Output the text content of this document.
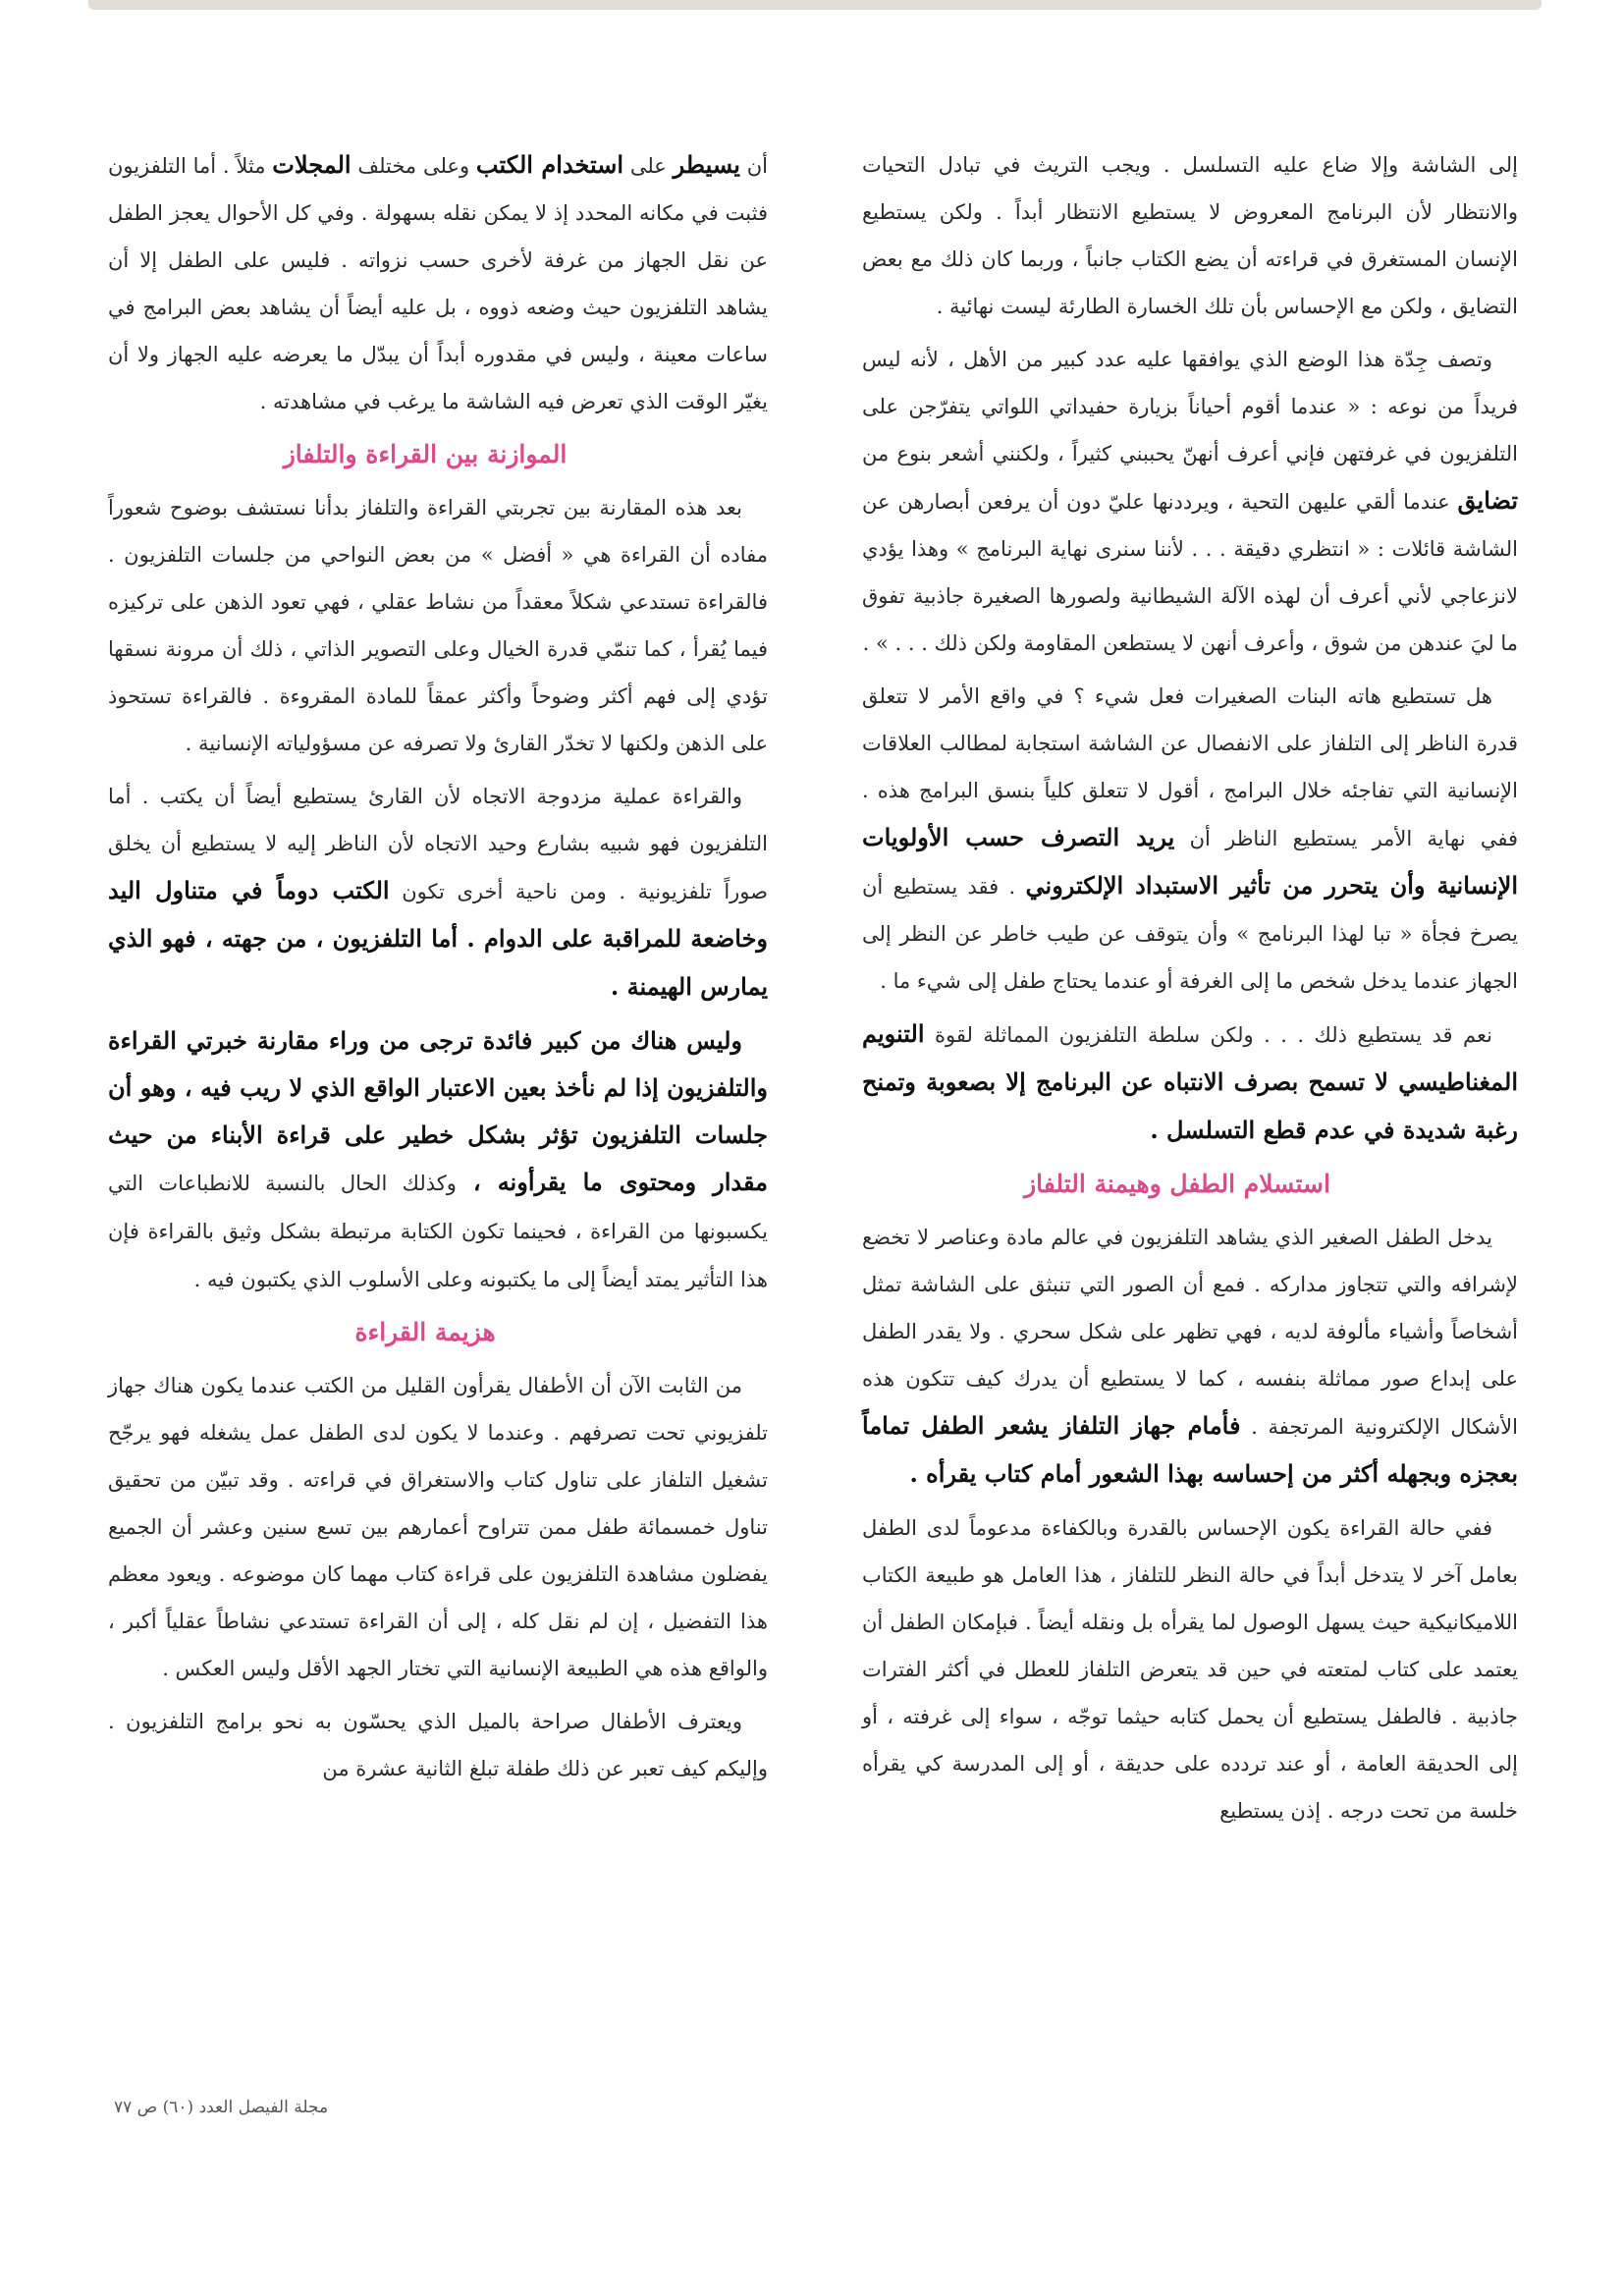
إلى الشاشة وإلا ضاع عليه التسلسل . ويجب التريث في تبادل التحيات والانتظار لأن البرنامج المعروض لا يستطيع الانتظار أبداً . ولكن يستطيع الإنسان المستغرق في قراءته أن يضع الكتاب جانباً ، وربما كان ذلك مع بعض التضايق ، ولكن مع الإحساس بأن تلك الخسارة الطارئة ليست نهائية .

وتصف جِدّة هذا الوضع الذي يوافقها عليه عدد كبير من الأهل ، لأنه ليس فريداً من نوعه : « عندما أقوم أحياناً بزيارة حفيداتي اللواتي يتفرّجن على التلفزيون في غرفتهن فإني أعرف أنهنّ يحببني كثيراً ، ولكنني أشعر بنوع من تضايق عندما ألقي عليهن التحية ، ويرددنها عليّ دون أن يرفعن أبصارهن عن الشاشة قائلات : « انتظري دقيقة . . . لأننا سنرى نهاية البرنامج » وهذا يؤدي لانزعاجي لأني أعرف أن لهذه الآلة الشيطانية ولصورها الصغيرة جاذبية تفوق ما ليَ عندهن من شوق ، وأعرف أنهن لا يستطعن المقاومة ولكن ذلك . . . » .

هل تستطيع هاته البنات الصغيرات فعل شيء ؟ في واقع الأمر لا تتعلق قدرة الناظر إلى التلفاز على الانفصال عن الشاشة استجابة لمطالب العلاقات الإنسانية التي تفاجئه خلال البرامج ، أقول لا تتعلق كلياً بنسق البرامج هذه . ففي نهاية الأمر يستطيع الناظر أن يريد التصرف حسب الأولويات الإنسانية وأن يتحرر من تأثير الاستبداد الإلكتروني . فقد يستطيع أن يصرخ فجأة « تبا لهذا البرنامج » وأن يتوقف عن طيب خاطر عن النظر إلى الجهاز عندما يدخل شخص ما إلى الغرفة أو عندما يحتاج طفل إلى شيء ما .

نعم قد يستطيع ذلك . . . ولكن سلطة التلفزيون المماثلة لقوة التنويم المغناطيسي لا تسمح بصرف الانتباه عن البرنامج إلا بصعوبة وتمنح رغبة شديدة في عدم قطع التسلسل .

استسلام الطفل وهيمنة التلفاز

يدخل الطفل الصغير الذي يشاهد التلفزيون في عالم مادة وعناصر لا تخضع لإشرافه والتي تتجاوز مداركه . فمع أن الصور التي تنبثق على الشاشة تمثل أشخاصاً وأشياء مألوفة لديه ، فهي تظهر على شكل سحري . ولا يقدر الطفل على إبداع صور مماثلة بنفسه ، كما لا يستطيع أن يدرك كيف تتكون هذه الأشكال الإلكترونية المرتجفة . فأمام جهاز التلفاز يشعر الطفل تماماً بعجزه وبجهله أكثر من إحساسه بهذا الشعور أمام كتاب يقرأه .

ففي حالة القراءة يكون الإحساس بالقدرة وبالكفاءة مدعوماً لدى الطفل بعامل آخر لا يتدخل أبداً في حالة النظر للتلفاز ، هذا العامل هو طبيعة الكتاب اللاميكانيكية حيث يسهل الوصول لما يقرأه بل ونقله أيضاً . فبإمكان الطفل أن يعتمد على كتاب لمتعته في حين قد يتعرض التلفاز للعطل في أكثر الفترات جاذبية . فالطفل يستطيع أن يحمل كتابه حيثما توجّه ، سواء إلى غرفته ، أو إلى الحديقة العامة ، أو عند تردده على حديقة ، أو إلى المدرسة كي يقرأه خلسة من تحت درجه . إذن يستطيع

أن يسيطر على استخدام الكتب وعلى مختلف المجلات مثلاً . أما التلفزيون فثبت في مكانه المحدد إذ لا يمكن نقله بسهولة . وفي كل الأحوال يعجز الطفل عن نقل الجهاز من غرفة لأخرى حسب نزواته . فليس على الطفل إلا أن يشاهد التلفزيون حيث وضعه ذووه ، بل عليه أيضاً أن يشاهد بعض البرامج في ساعات معينة ، وليس في مقدوره أبداً أن يبدّل ما يعرضه عليه الجهاز ولا أن يغيّر الوقت الذي تعرض فيه الشاشة ما يرغب في مشاهدته .

الموازنة بين القراءة والتلفاز

بعد هذه المقارنة بين تجربتي القراءة والتلفاز بدأنا نستشف بوضوح شعوراً مفاده أن القراءة هي « أفضل » من بعض النواحي من جلسات التلفزيون . فالقراءة تستدعي شكلاً معقداً من نشاط عقلي ، فهي تعود الذهن على تركيزه فيما يُقرأ ، كما تنمّي قدرة الخيال وعلى التصوير الذاتي ، ذلك أن مرونة نسقها تؤدي إلى فهم أكثر وضوحاً وأكثر عمقاً للمادة المقروءة . فالقراءة تستحوذ على الذهن ولكنها لا تخدّر القارئ ولا تصرفه عن مسؤولياته الإنسانية .

والقراءة عملية مزدوجة الاتجاه لأن القارئ يستطيع أيضاً أن يكتب . أما التلفزيون فهو شبيه بشارع وحيد الاتجاه لأن الناظر إليه لا يستطيع أن يخلق صوراً تلفزيونية . ومن ناحية أخرى تكون الكتب دوماً في متناول اليد وخاضعة للمراقبة على الدوام . أما التلفزيون ، من جهته ، فهو الذي يمارس الهيمنة .

وليس هناك من كبير فائدة ترجى من وراء مقارنة خبرتي القراءة والتلفزيون إذا لم نأخذ بعين الاعتبار الواقع الذي لا ريب فيه ، وهو أن جلسات التلفزيون تؤثر بشكل خطير على قراءة الأبناء من حيث مقدار ومحتوى ما يقرأونه ، وكذلك الحال بالنسبة للانطباعات التي يكسبونها من القراءة ، فحينما تكون الكتابة مرتبطة بشكل وثيق بالقراءة فإن هذا التأثير يمتد أيضاً إلى ما يكتبونه وعلى الأسلوب الذي يكتبون فيه .

هزيمة القراءة

من الثابت الآن أن الأطفال يقرأون القليل من الكتب عندما يكون هناك جهاز تلفزيوني تحت تصرفهم . وعندما لا يكون لدى الطفل عمل يشغله فهو يرجّح تشغيل التلفاز على تناول كتاب والاستغراق في قراءته . وقد تبيّن من تحقيق تناول خمسمائة طفل ممن تتراوح أعمارهم بين تسع سنين وعشر أن الجميع يفضلون مشاهدة التلفزيون على قراءة كتاب مهما كان موضوعه . ويعود معظم هذا التفضيل ، إن لم نقل كله ، إلى أن القراءة تستدعي نشاطاً عقلياً أكبر ، والواقع هذه هي الطبيعة الإنسانية التي تختار الجهد الأقل وليس العكس .

ويعترف الأطفال صراحة بالميل الذي يحسّون به نحو برامج التلفزيون . وإليكم كيف تعبر عن ذلك طفلة تبلغ الثانية عشرة من

مجلة الفيصل العدد (٦٠) ص ٧٧
